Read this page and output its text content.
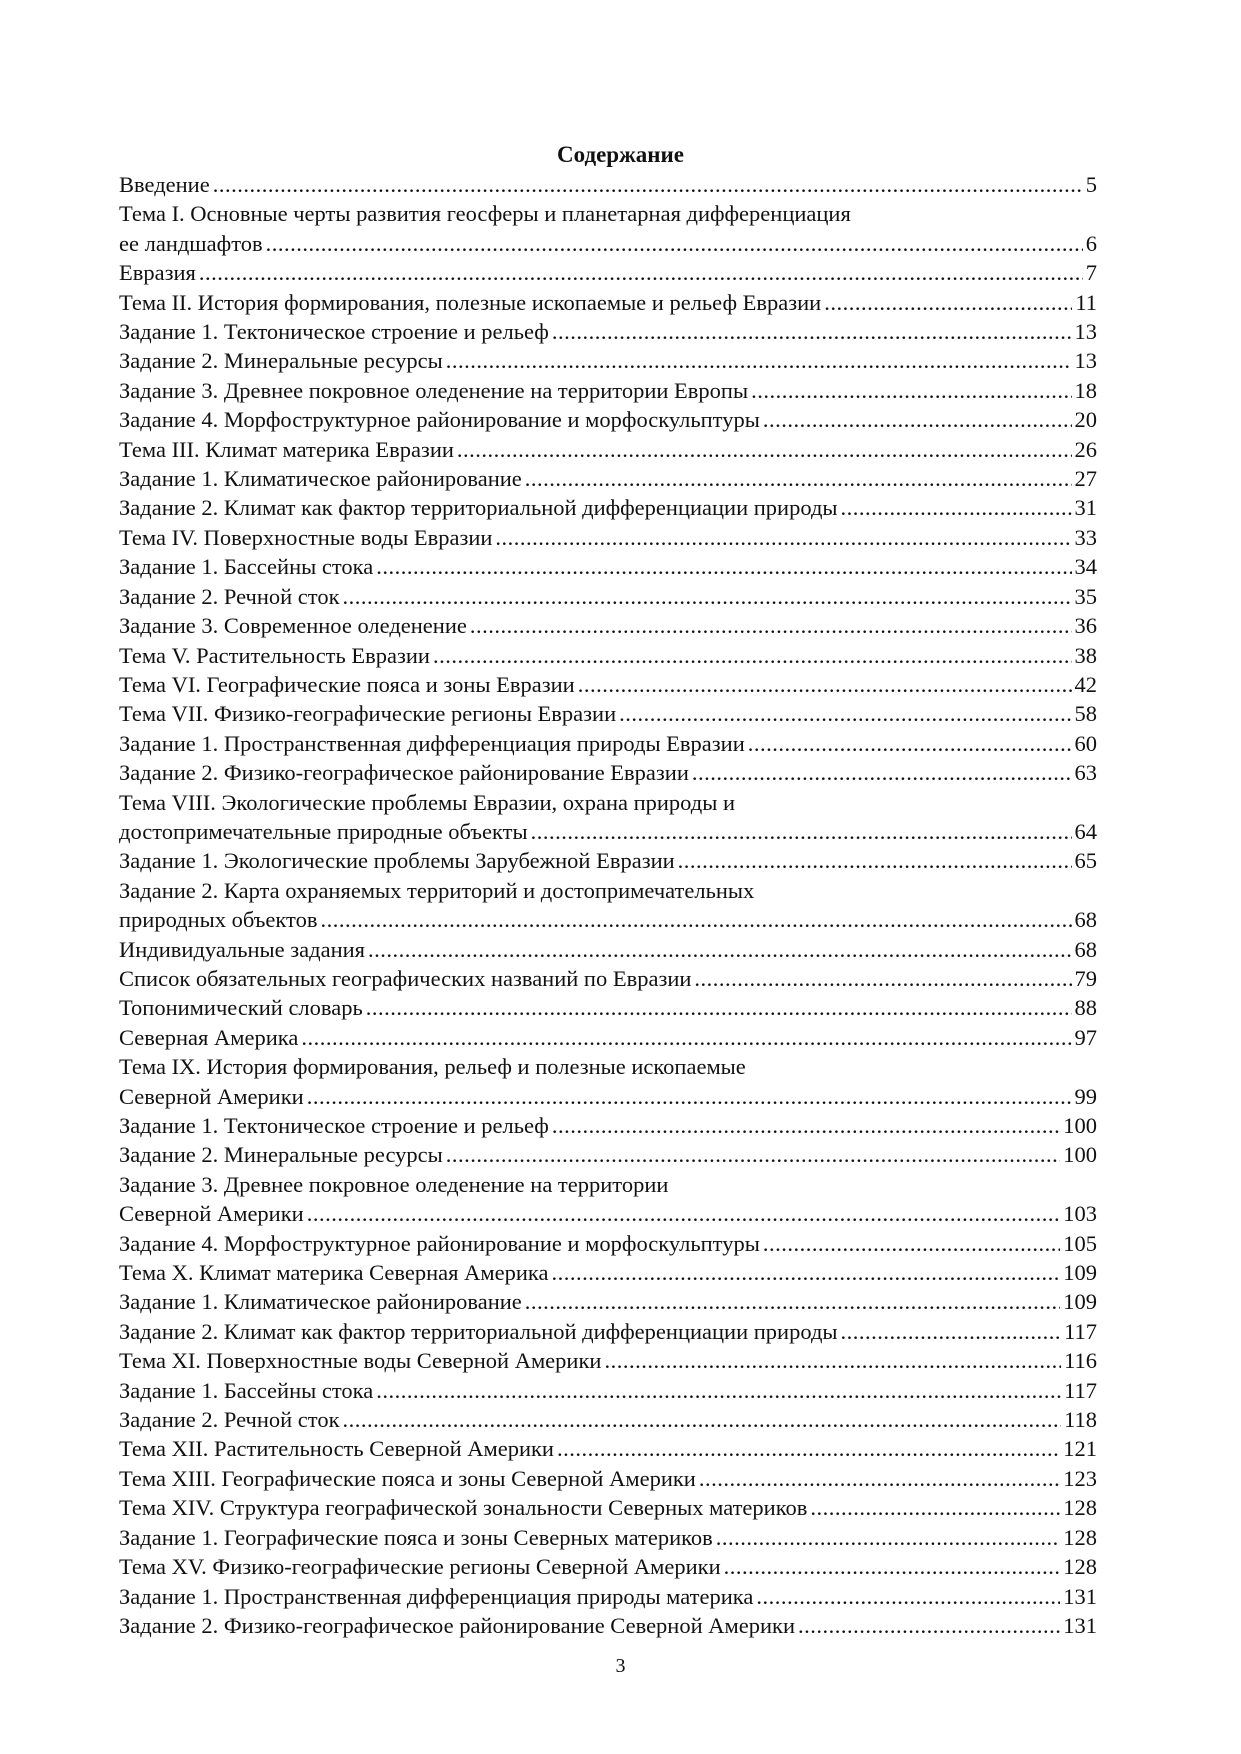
Содержание
Введение .....	5
Тема I. Основные черты развития геосферы и планетарная дифференциация
ее ландшафтов .....	6
Евразия .....	7
Тема II. История формирования, полезные ископаемые и рельеф Евразии .....	11
Задание 1. Тектоническое строение и рельеф .....	13
Задание 2. Минеральные ресурсы .....	13
Задание 3. Древнее покровное оледенение на территории Европы .....	18
Задание 4. Морфоструктурное районирование и морфоскульптуры .....	20
Тема III. Климат материка Евразии .....	26
Задание 1. Климатическое районирование .....	27
Задание 2. Климат как фактор территориальной дифференциации природы .....	31
Тема IV. Поверхностные воды Евразии .....	33
Задание 1. Бассейны стока .....	34
Задание 2. Речной сток .....	35
Задание 3. Современное оледенение .....	36
Тема V. Растительность Евразии .....	38
Тема VI. Географические пояса и зоны Евразии .....	42
Тема VII. Физико-географические регионы Евразии .....	58
Задание 1. Пространственная дифференциация природы Евразии .....	60
Задание 2. Физико-географическое районирование Евразии .....	63
Тема VIII. Экологические проблемы Евразии, охрана природы и
достопримечательные природные объекты .....	64
Задание 1. Экологические проблемы Зарубежной Евразии .....	65
Задание 2. Карта охраняемых территорий и достопримечательных
природных объектов .....	68
Индивидуальные задания .....	68
Список обязательных географических названий по Евразии .....	79
Топонимический словарь .....	88
Северная Америка .....	97
Тема IX. История формирования, рельеф и полезные ископаемые
Северной Америки .....	99
Задание 1. Тектоническое строение и рельеф .....	100
Задание 2. Минеральные ресурсы .....	100
Задание 3. Древнее покровное оледенение на территории
Северной Америки .....	103
Задание 4. Морфоструктурное районирование и морфоскульптуры .....	105
Тема X. Климат материка Северная Америка .....	109
Задание 1. Климатическое районирование .....	109
Задание 2. Климат как фактор территориальной дифференциации природы .....	117
Тема XI. Поверхностные воды Северной Америки .....	116
Задание 1. Бассейны стока .....	117
Задание 2. Речной сток .....	118
Тема XII. Растительность Северной Америки .....	121
Тема XIII. Географические пояса и зоны Северной Америки .....	123
Тема XIV. Структура географической зональности Северных материков .....	128
Задание 1. Географические пояса и зоны Северных материков .....	128
Тема XV. Физико-географические регионы Северной Америки .....	128
Задание 1. Пространственная дифференциация природы материка .....	131
Задание 2. Физико-географическое районирование Северной Америки .....	131
3
